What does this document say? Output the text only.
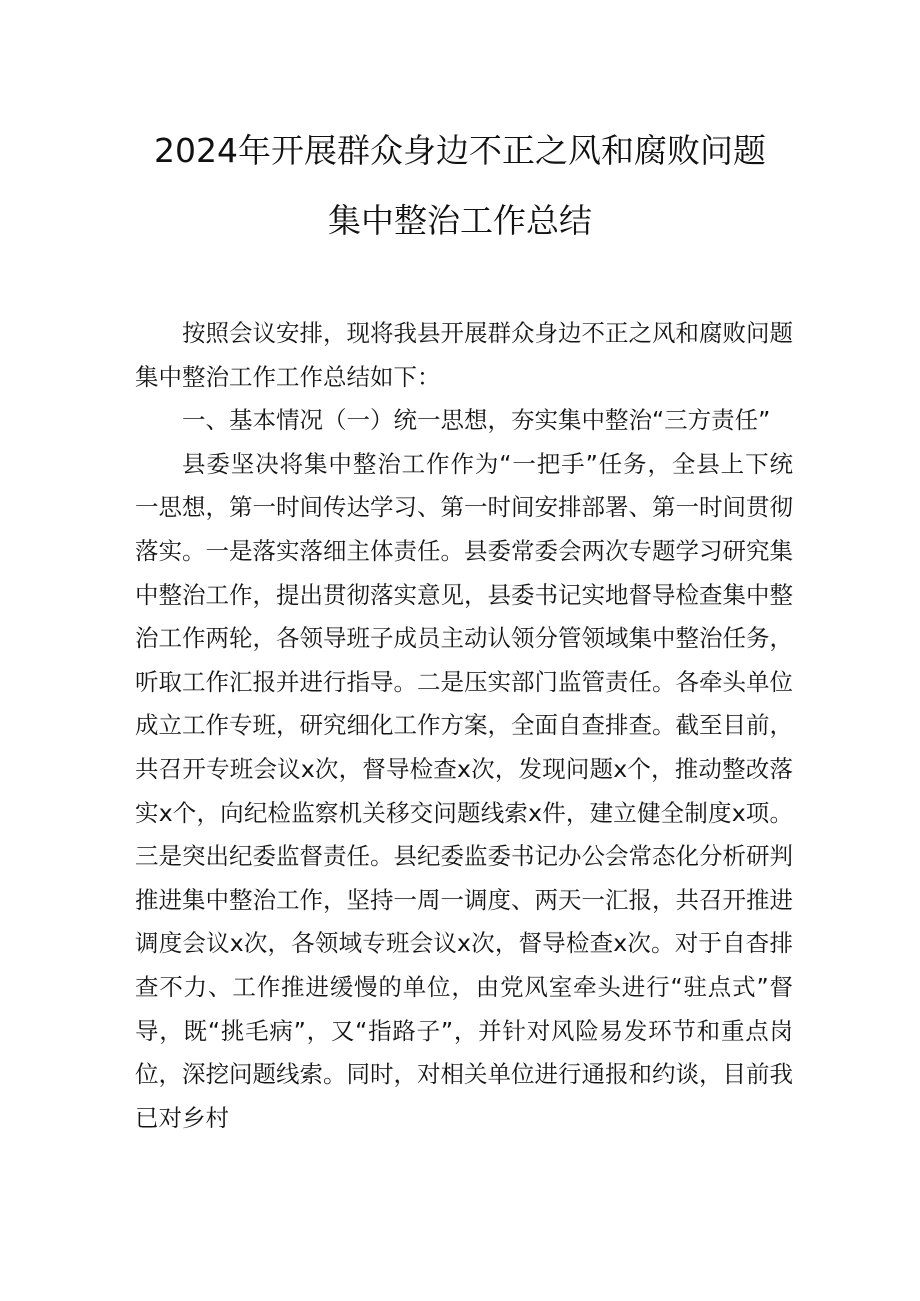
2024年开展群众身边不正之风和腐败问题
集中整治工作总结

按照会议安排，现将我县开展群众身边不正之风和腐败问题集中整治工作工作总结如下：

一、基本情况（一）统一思想，夯实集中整治“三方责任”

县委坚决将集中整治工作作为“一把手”任务，全县上下统一思想，第一时间传达学习、第一时间安排部署、第一时间贯彻落实。一是落实落细主体责任。县委常委会两次专题学习研究集中整治工作，提出贯彻落实意见，县委书记实地督导检查集中整治工作两轮，各领导班子成员主动认领分管领域集中整治任务，听取工作汇报并进行指导。二是压实部门监管责任。各牵头单位成立工作专班，研究细化工作方案，全面自查排查。截至目前，共召开专班会议x次，督导检查x次，发现问题x个，推动整改落实x个，向纪检监察机关移交问题线索x件，建立健全制度x项。三是突出纪委监督责任。县纪委监委书记办公会常态化分析研判推进集中整治工作，坚持一周一调度、两天一汇报，共召开推进调度会议x次，各领域专班会议x次，督导检查x次。对于自杳排查不力、工作推进缓慢的单位，由党风室牵头进行“驻点式”督导，既“挑毛病”，又“指路子”，并针对风险易发环节和重点岗位，深挖问题线索。同时，对相关单位进行通报和约谈，目前我已对乡村
